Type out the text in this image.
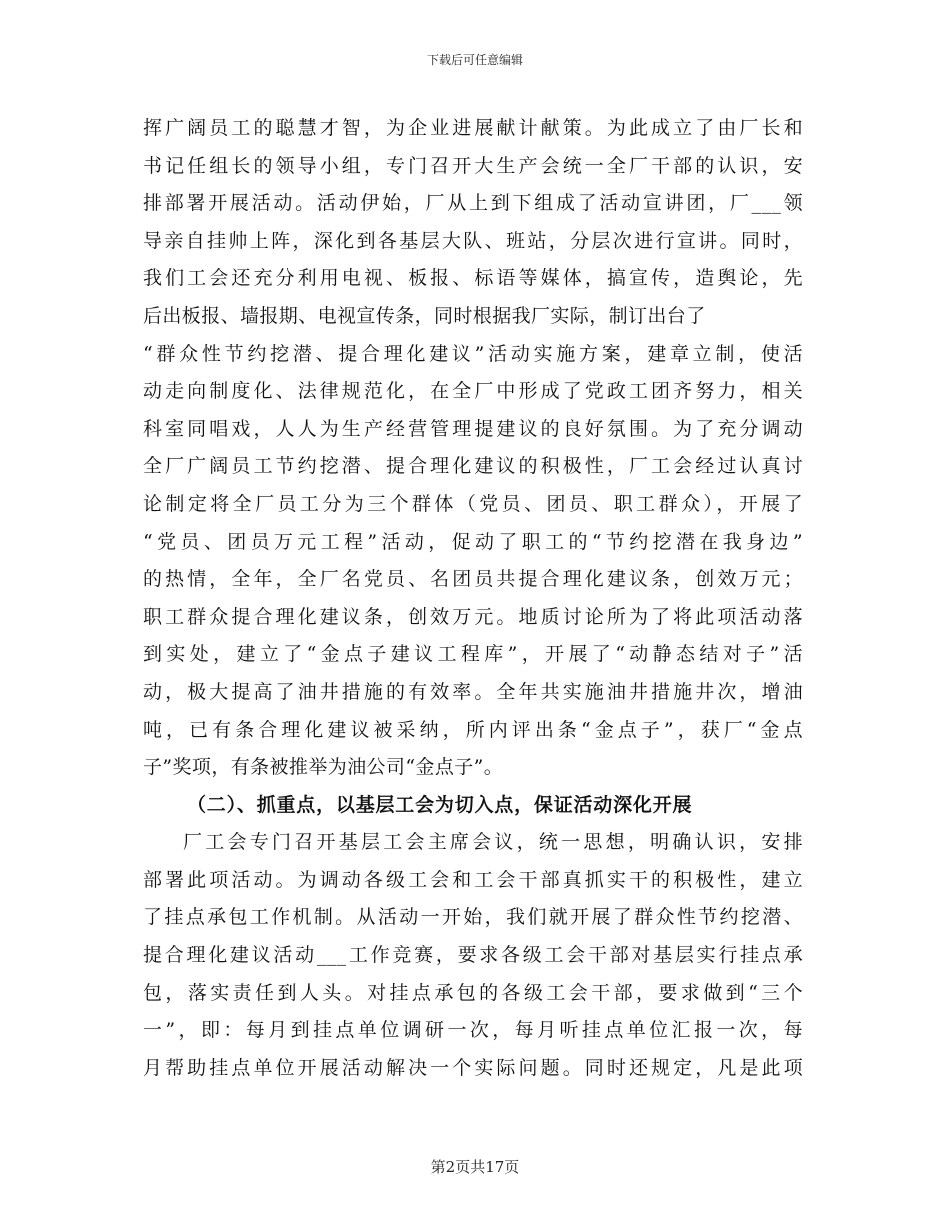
下载后可任意编辑
挥广阔员工的聪慧才智，为企业进展献计献策。为此成立了由厂长和
书记任组长的领导小组，专门召开大生产会统一全厂干部的认识，安
排部署开展活动。活动伊始，厂从上到下组成了活动宣讲团，厂___领
导亲自挂帅上阵，深化到各基层大队、班站，分层次进行宣讲。同时，
我们工会还充分利用电视、板报、标语等媒体，搞宣传，造舆论，先
后出板报、墙报期、电视宣传条，同时根据我厂实际，制订出台了
“群众性节约挖潜、提合理化建议”活动实施方案，建章立制，使活
动走向制度化、法律规范化，在全厂中形成了党政工团齐努力，相关
科室同唱戏，人人为生产经营管理提建议的良好氛围。为了充分调动
全厂广阔员工节约挖潜、提合理化建议的积极性，厂工会经过认真讨
论制定将全厂员工分为三个群体（党员、团员、职工群众），开展了
“党员、团员万元工程”活动，促动了职工的“节约挖潜在我身边”
的热情，全年，全厂名党员、名团员共提合理化建议条，创效万元；
职工群众提合理化建议条，创效万元。地质讨论所为了将此项活动落
到实处，建立了“金点子建议工程库”，开展了“动静态结对子”活
动，极大提高了油井措施的有效率。全年共实施油井措施井次，增油
吨，已有条合理化建议被采纳，所内评出条“金点子”，获厂“金点
子”奖项，有条被推举为油公司“金点子”。
（二）、抓重点，以基层工会为切入点，保证活动深化开展
厂工会专门召开基层工会主席会议，统一思想，明确认识，安排
部署此项活动。为调动各级工会和工会干部真抓实干的积极性，建立
了挂点承包工作机制。从活动一开始，我们就开展了群众性节约挖潜、
提合理化建议活动___工作竞赛，要求各级工会干部对基层实行挂点承
包，落实责任到人头。对挂点承包的各级工会干部，要求做到“三个
一”，即：每月到挂点单位调研一次，每月听挂点单位汇报一次，每
月帮助挂点单位开展活动解决一个实际问题。同时还规定，凡是此项
第2页共17页
